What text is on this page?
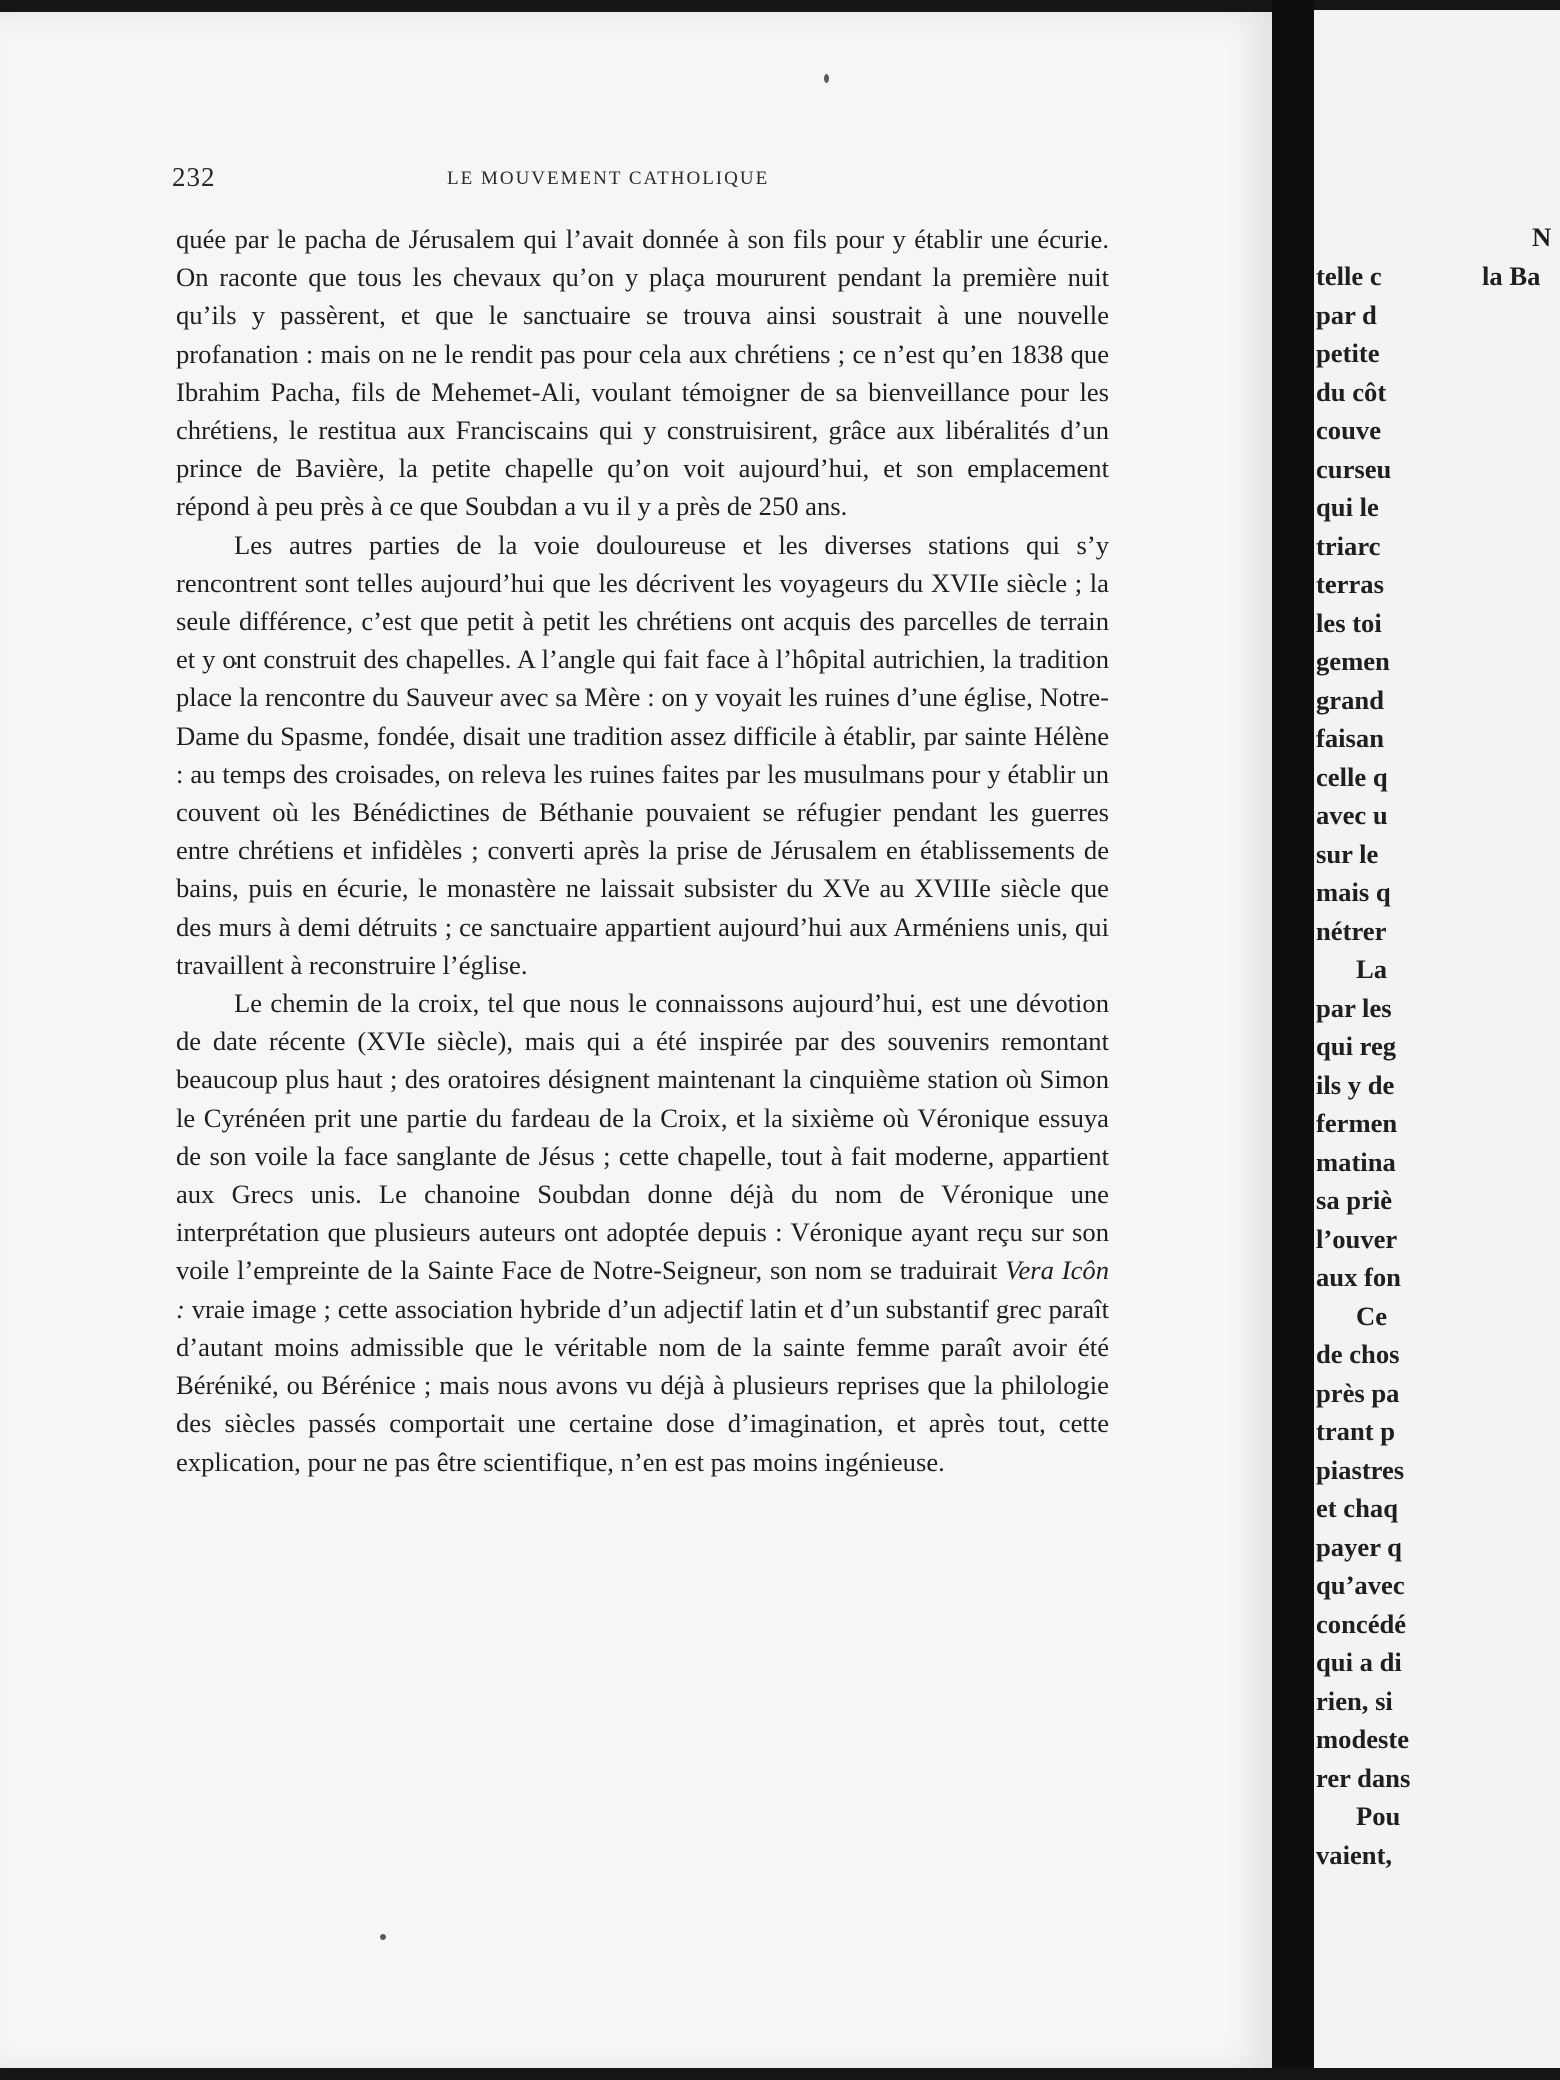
232	LE MOUVEMENT CATHOLIQUE

quée par le pacha de Jérusalem qui l’avait donnée à son fils pour y établir une écurie. On raconte que tous les chevaux qu’on y plaça moururent pendant la première nuit qu’ils y passèrent, et que le sanctuaire se trouva ainsi soustrait à une nouvelle profanation : mais on ne le rendit pas pour cela aux chrétiens ; ce n’est qu’en 1838 que Ibrahim Pacha, fils de Mehemet-Ali, voulant témoigner de sa bienveillance pour les chrétiens, le restitua aux Franciscains qui y construisirent, grâce aux libéralités d’un prince de Bavière, la petite chapelle qu’on voit aujourd’hui, et son emplacement répond à peu près à ce que Soubdan a vu il y a près de 250 ans.

Les autres parties de la voie douloureuse et les diverses stations qui s’y rencontrent sont telles aujourd’hui que les décrivent les voyageurs du XVIIe siècle ; la seule différence, c’est que petit à petit les chrétiens ont acquis des parcelles de terrain et y ont construit des chapelles. A l’angle qui fait face à l’hôpital autrichien, la tradition place la rencontre du Sauveur avec sa Mère : on y voyait les ruines d’une église, Notre-Dame du Spasme, fondée, disait une tradition assez difficile à établir, par sainte Hélène : au temps des croisades, on releva les ruines faites par les musulmans pour y établir un couvent où les Bénédictines de Béthanie pouvaient se réfugier pendant les guerres entre chrétiens et infidèles ; converti après la prise de Jérusalem en établissements de bains, puis en écurie, le monastère ne laissait subsister du XVe au XVIIIe siècle que des murs à demi détruits ; ce sanctuaire appartient aujourd’hui aux Arméniens unis, qui travaillent à reconstruire l’église.

Le chemin de la croix, tel que nous le connaissons aujourd’hui, est une dévotion de date récente (XVIe siècle), mais qui a été inspirée par des souvenirs remontant beaucoup plus haut ; des oratoires désignent maintenant la cinquième station où Simon le Cyrénéen prit une partie du fardeau de la Croix, et la sixième où Véronique essuya de son voile la face sanglante de Jésus ; cette chapelle, tout à fait moderne, appartient aux Grecs unis. Le chanoine Soubdan donne déjà du nom de Véronique une interprétation que plusieurs auteurs ont adoptée depuis : Véronique ayant reçu sur son voile l’empreinte de la Sainte Face de Notre-Seigneur, son nom se traduirait Vera Icôn : vraie image ; cette association hybride d’un adjectif latin et d’un substantif grec paraît d’autant moins admissible que le véritable nom de la sainte femme paraît avoir été Béréniké, ou Bérénice ; mais nous avons vu déjà à plusieurs reprises que la philologie des siècles passés comportait une certaine dose d’imagination, et après tout, cette explication, pour ne pas être scientifique, n’en est pas moins ingénieuse.

N
la Ba
telle c
par d
petite
du côt
couve
curseu
qui le
triarc
terras
les toi
gemen
grand
faisan
celle q
avec u
sur le
mais q
nétrer
La
par les
qui reg
ils y de
fermen
matina
sa priè
l’ouver
aux fon
Ce
de chos
près pa
trant p
piastres
et chaq
payer q
qu’avec
concédé
qui a di
rien, si
modeste
rer dans
Pou
vaient,
